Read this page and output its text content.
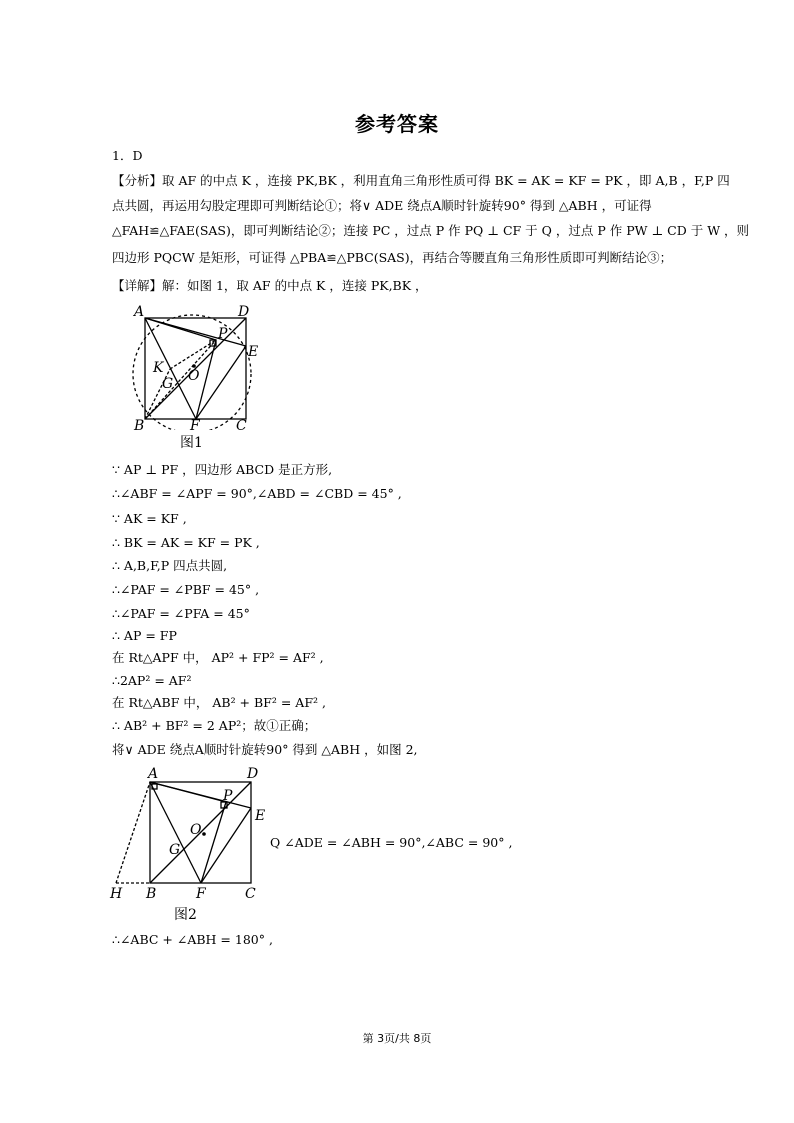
参考答案
1．D
【分析】取 AF 的中点 K ，连接 PK,BK ，利用直角三角形性质可得 BK = AK = KF = PK ，即 A,B ，F,P 四
点共圆，再运用勾股定理即可判断结论①；将∨ ADE 绕点A顺时针旋转90° 得到 △ABH ，可证得
△FAH≌△FAE(SAS)，即可判断结论②；连接 PC ，过点 P 作 PQ ⊥ CF 于 Q ，过点 P 作 PW ⊥ CD 于 W ，则
四边形 PQCW 是矩形，可证得 △PBA≌△PBC(SAS)，再结合等腰直角三角形性质即可判断结论③；
【详解】解：如图 1，取 AF 的中点 K ，连接 PK,BK ，
A	D
P
E
K
G O
B	F	C
图1
∵ AP ⊥ PF ，四边形 ABCD 是正方形,
∴∠ABF = ∠APF = 90°,∠ABD = ∠CBD = 45° ,
∵ AK = KF ,
∴ BK = AK = KF = PK ,
∴ A,B,F,P 四点共圆,
∴∠PAF = ∠PBF = 45° ,
∴∠PAF = ∠PFA = 45°
∴ AP = FP
在 Rt△APF 中， AP² + FP² = AF² ,
∴2AP² = AF²
在 Rt△ABF 中， AB² + BF² = AF² ,
∴ AB² + BF² = 2 AP²；故①正确；
将∨ ADE 绕点A顺时针旋转90° 得到 △ABH ，如图 2,
A	D
P
E
O
G
H B	F	C
Q ∠ADE = ∠ABH = 90°,∠ABC = 90° ,
图2
∴∠ABC + ∠ABH = 180° ,
第 3页/共 8页
